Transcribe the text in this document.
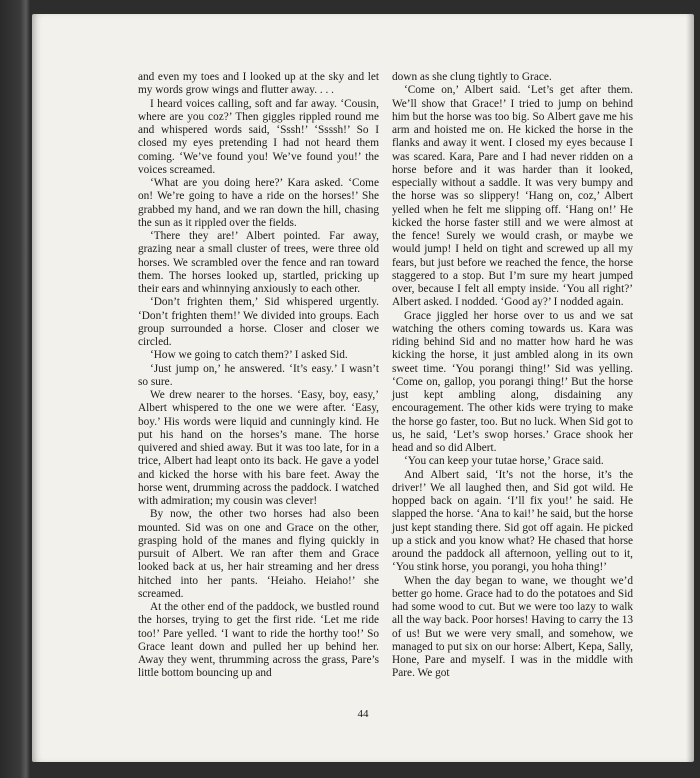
and even my toes and I looked up at the sky and let my words grow wings and flutter away. . . .

I heard voices calling, soft and far away. ‘Cousin, where are you coz?’ Then giggles rippled round me and whispered words said, ‘Sssh!’ ‘Ssssh!’ So I closed my eyes pretending I had not heard them coming. ‘We’ve found you! We’ve found you!’ the voices screamed.

‘What are you doing here?’ Kara asked. ‘Come on! We’re going to have a ride on the horses!’ She grabbed my hand, and we ran down the hill, chasing the sun as it rippled over the fields.

‘There they are!’ Albert pointed. Far away, grazing near a small cluster of trees, were three old horses. We scrambled over the fence and ran toward them. The horses looked up, startled, pricking up their ears and whinnying anxiously to each other.

‘Don’t frighten them,’ Sid whispered urgently. ‘Don’t frighten them!’ We divided into groups. Each group surrounded a horse. Closer and closer we circled.

‘How we going to catch them?’ I asked Sid.

‘Just jump on,’ he answered. ‘It’s easy.’ I wasn’t so sure.

We drew nearer to the horses. ‘Easy, boy, easy,’ Albert whispered to the one we were after. ‘Easy, boy.’ His words were liquid and cunningly kind. He put his hand on the horses’s mane. The horse quivered and shied away. But it was too late, for in a trice, Albert had leapt onto its back. He gave a yodel and kicked the horse with his bare feet. Away the horse went, drumming across the paddock. I watched with admiration; my cousin was clever!

By now, the other two horses had also been mounted. Sid was on one and Grace on the other, grasping hold of the manes and flying quickly in pursuit of Albert. We ran after them and Grace looked back at us, her hair streaming and her dress hitched into her pants. ‘Heiaho. Heiaho!’ she screamed.

At the other end of the paddock, we bustled round the horses, trying to get the first ride. ‘Let me ride too!’ Pare yelled. ‘I want to ride the horthy too!’ So Grace leant down and pulled her up behind her. Away they went, thrumming across the grass, Pare’s little bottom bouncing up and

down as she clung tightly to Grace.

‘Come on,’ Albert said. ‘Let’s get after them. We’ll show that Grace!’ I tried to jump on behind him but the horse was too big. So Albert gave me his arm and hoisted me on. He kicked the horse in the flanks and away it went. I closed my eyes because I was scared. Kara, Pare and I had never ridden on a horse before and it was harder than it looked, especially without a saddle. It was very bumpy and the horse was so slippery! ‘Hang on, coz,’ Albert yelled when he felt me slipping off. ‘Hang on!’ He kicked the horse faster still and we were almost at the fence! Surely we would crash, or maybe we would jump! I held on tight and screwed up all my fears, but just before we reached the fence, the horse staggered to a stop. But I’m sure my heart jumped over, because I felt all empty inside. ‘You all right?’ Albert asked. I nodded. ‘Good ay?’ I nodded again.

Grace jiggled her horse over to us and we sat watching the others coming towards us. Kara was riding behind Sid and no matter how hard he was kicking the horse, it just ambled along in its own sweet time. ‘You porangi thing!’ Sid was yelling. ‘Come on, gallop, you porangi thing!’ But the horse just kept ambling along, disdaining any encouragement. The other kids were trying to make the horse go faster, too. But no luck. When Sid got to us, he said, ‘Let’s swop horses.’ Grace shook her head and so did Albert.

‘You can keep your tutae horse,’ Grace said.

And Albert said, ‘It’s not the horse, it’s the driver!’ We all laughed then, and Sid got wild. He hopped back on again. ‘I’ll fix you!’ he said. He slapped the horse. ‘Ana to kai!’ he said, but the horse just kept standing there. Sid got off again. He picked up a stick and you know what? He chased that horse around the paddock all afternoon, yelling out to it, ‘You stink horse, you porangi, you hoha thing!’

When the day began to wane, we thought we’d better go home. Grace had to do the potatoes and Sid had some wood to cut. But we were too lazy to walk all the way back. Poor horses! Having to carry the 13 of us! But we were very small, and somehow, we managed to put six on our horse: Albert, Kepa, Sally, Hone, Pare and myself. I was in the middle with Pare. We got

44
